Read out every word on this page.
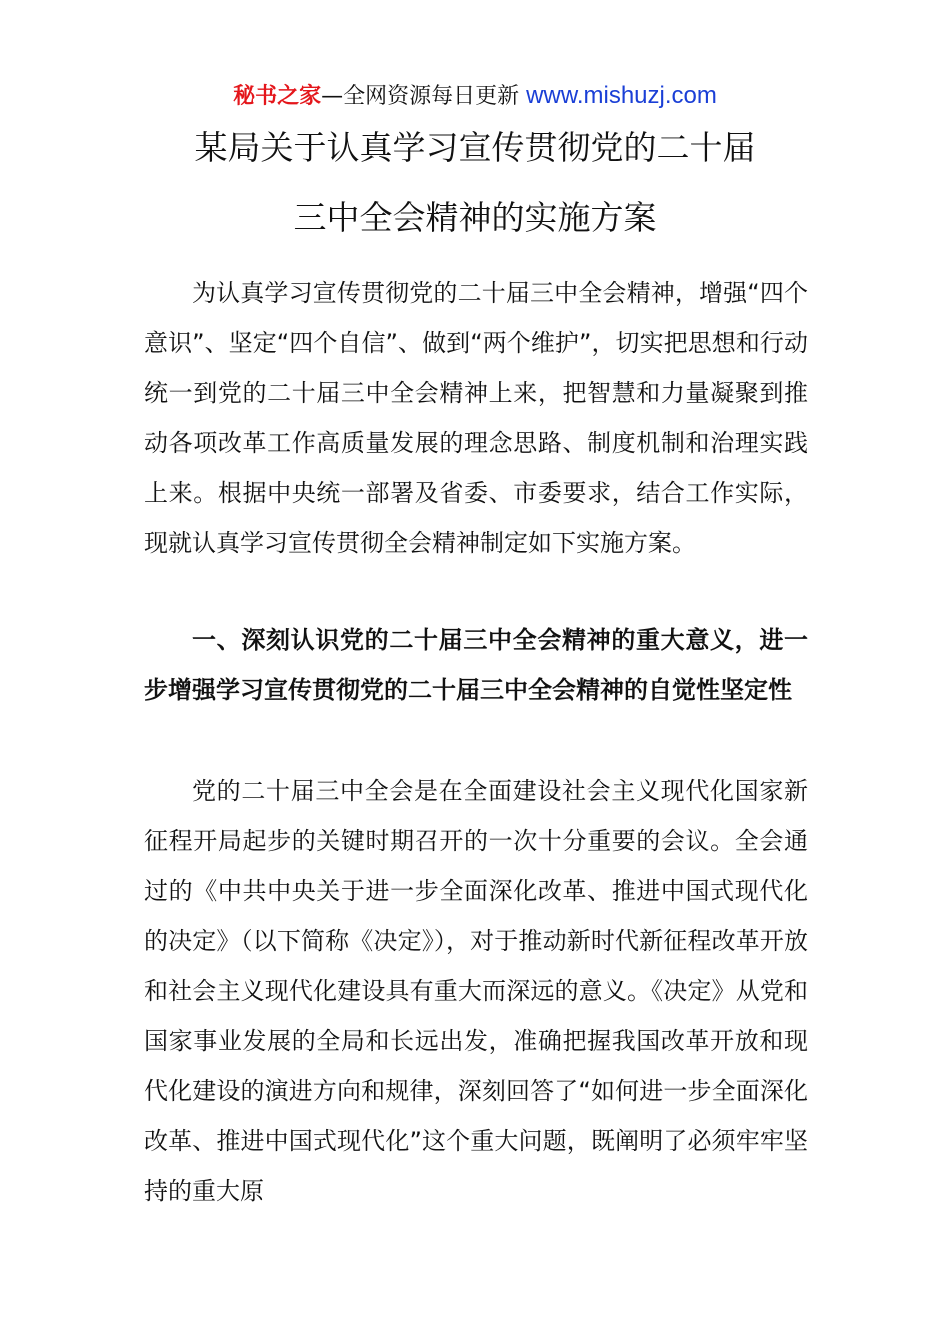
秘书之家—全网资源每日更新 www.mishuzj.com
某局关于认真学习宣传贯彻党的二十届
三中全会精神的实施方案

为认真学习宣传贯彻党的二十届三中全会精神，增强“四个意识”、坚定“四个自信”、做到“两个维护”，切实把思想和行动统一到党的二十届三中全会精神上来，把智慧和力量凝聚到推动各项改革工作高质量发展的理念思路、制度机制和治理实践上来。根据中央统一部署及省委、市委要求，结合工作实际，现就认真学习宣传贯彻全会精神制定如下实施方案。

一、深刻认识党的二十届三中全会精神的重大意义，进一步增强学习宣传贯彻党的二十届三中全会精神的自觉性坚定性

党的二十届三中全会是在全面建设社会主义现代化国家新征程开局起步的关键时期召开的一次十分重要的会议。全会通过的《中共中央关于进一步全面深化改革、推进中国式现代化的决定》（以下简称《决定》），对于推动新时代新征程改革开放和社会主义现代化建设具有重大而深远的意义。《决定》从党和国家事业发展的全局和长远出发，准确把握我国改革开放和现代化建设的演进方向和规律，深刻回答了“如何进一步全面深化改革、推进中国式现代化”这个重大问题，既阐明了必须牢牢坚持的重大原
